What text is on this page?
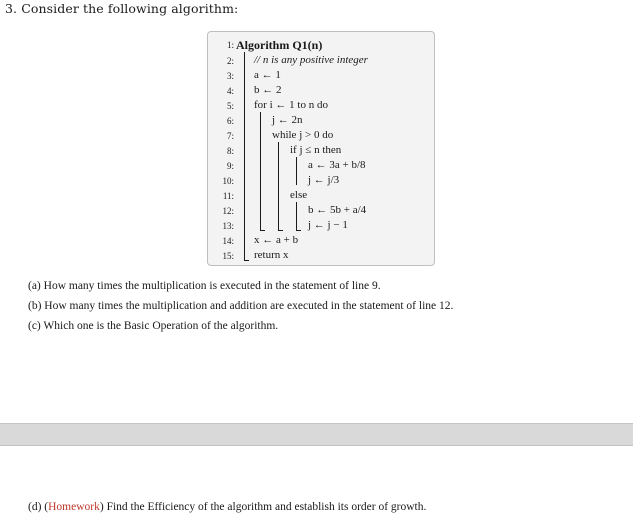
3. Consider the following algorithm:
1:
2:
3:
4:
5:
6:
7:
8:
9:
10:
11:
12:
13:
14:
15:
Algorithm Q1(n)
// n is any positive integer
a ← 1
b ← 2
for i ← 1 to n do
j ← 2n
while j > 0 do
if j ≤ n then
a ← 3a + b/8
j ← j/3
else
b ← 5b + a/4
j ← j − 1
x ← a + b
return x
(a) How many times the multiplication is executed in the statement of line 9.
(b) How many times the multiplication and addition are executed in the statement of line 12.
(c) Which one is the Basic Operation of the algorithm.
(d) (Homework) Find the Efficiency of the algorithm and establish its order of growth.
